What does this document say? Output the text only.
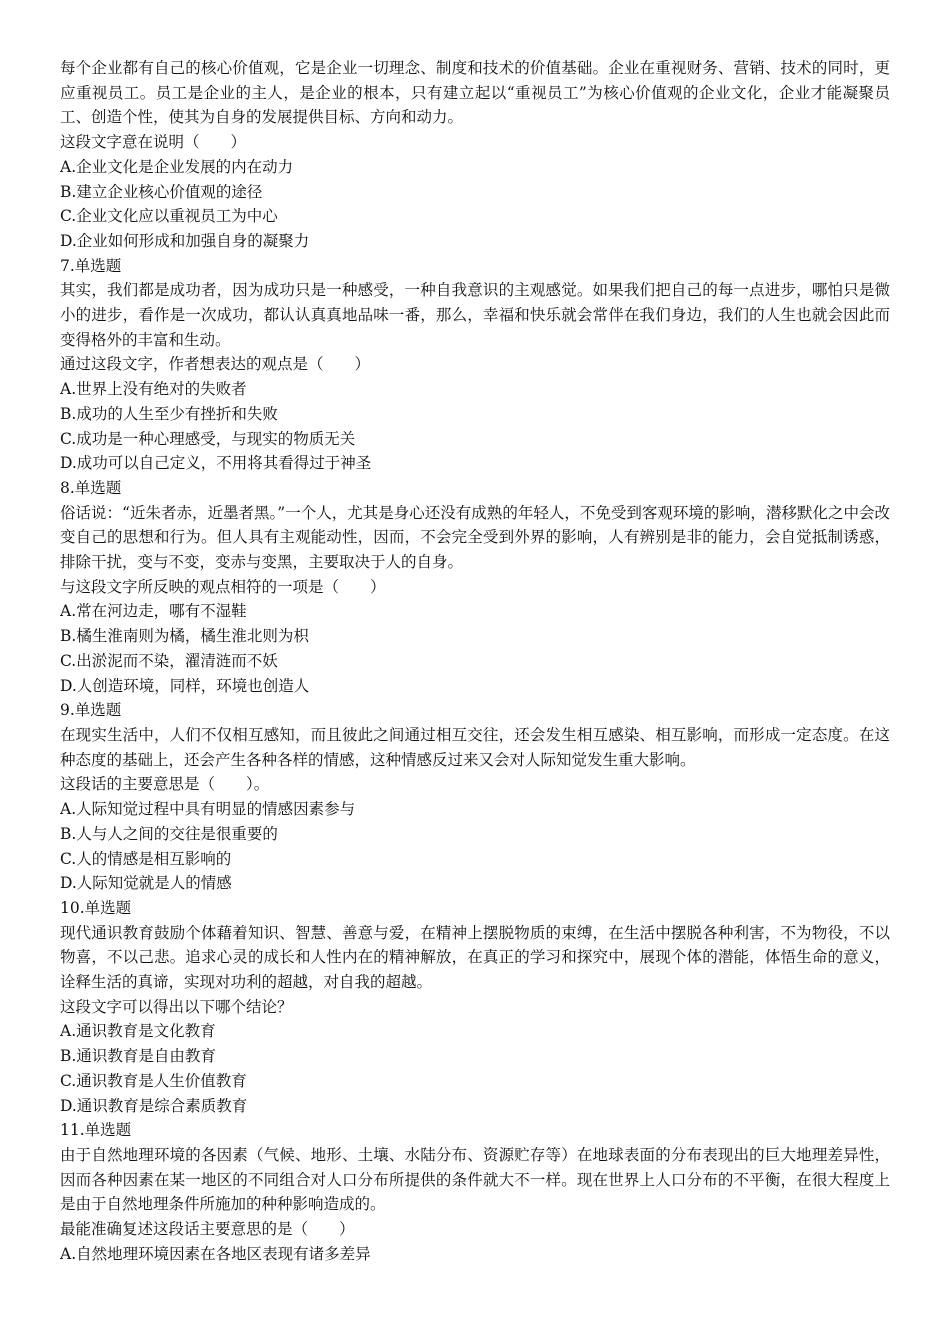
每个企业都有自己的核心价值观，它是企业一切理念、制度和技术的价值基础。企业在重视财务、营销、技术的同时，更应重视员工。员工是企业的主人，是企业的根本，只有建立起以“重视员工”为核心价值观的企业文化，企业才能凝聚员工、创造个性，使其为自身的发展提供目标、方向和动力。

这段文字意在说明（　　）

A.企业文化是企业发展的内在动力

B.建立企业核心价值观的途径

C.企业文化应以重视员工为中心

D.企业如何形成和加强自身的凝聚力

7.单选题

其实，我们都是成功者，因为成功只是一种感受，一种自我意识的主观感觉。如果我们把自己的每一点进步，哪怕只是微小的进步，看作是一次成功，都认认真真地品味一番，那么，幸福和快乐就会常伴在我们身边，我们的人生也就会因此而变得格外的丰富和生动。

通过这段文字，作者想表达的观点是（　　）

A.世界上没有绝对的失败者

B.成功的人生至少有挫折和失败

C.成功是一种心理感受，与现实的物质无关

D.成功可以自己定义，不用将其看得过于神圣

8.单选题

俗话说：“近朱者赤，近墨者黑。”一个人，尤其是身心还没有成熟的年轻人，不免受到客观环境的影响，潜移默化之中会改变自己的思想和行为。但人具有主观能动性，因而，不会完全受到外界的影响，人有辨别是非的能力，会自觉抵制诱惑，排除干扰，变与不变，变赤与变黑，主要取决于人的自身。

与这段文字所反映的观点相符的一项是（　　）

A.常在河边走，哪有不湿鞋

B.橘生淮南则为橘，橘生淮北则为枳

C.出淤泥而不染，濯清涟而不妖

D.人创造环境，同样，环境也创造人

9.单选题

在现实生活中，人们不仅相互感知，而且彼此之间通过相互交往，还会发生相互感染、相互影响，而形成一定态度。在这种态度的基础上，还会产生各种各样的情感，这种情感反过来又会对人际知觉发生重大影响。

这段话的主要意思是（　　）。

A.人际知觉过程中具有明显的情感因素参与

B.人与人之间的交往是很重要的

C.人的情感是相互影响的

D.人际知觉就是人的情感

10.单选题

现代通识教育鼓励个体藉着知识、智慧、善意与爱，在精神上摆脱物质的束缚，在生活中摆脱各种利害，不为物役，不以物喜，不以己悲。追求心灵的成长和人性内在的精神解放，在真正的学习和探究中，展现个体的潜能，体悟生命的意义，诠释生活的真谛，实现对功利的超越，对自我的超越。

这段文字可以得出以下哪个结论？

A.通识教育是文化教育

B.通识教育是自由教育

C.通识教育是人生价值教育

D.通识教育是综合素质教育

11.单选题

由于自然地理环境的各因素（气候、地形、土壤、水陆分布、资源贮存等）在地球表面的分布表现出的巨大地理差异性，因而各种因素在某一地区的不同组合对人口分布所提供的条件就大不一样。现在世界上人口分布的不平衡，在很大程度上是由于自然地理条件所施加的种种影响造成的。

最能准确复述这段话主要意思的是（　　）

A.自然地理环境因素在各地区表现有诸多差异
